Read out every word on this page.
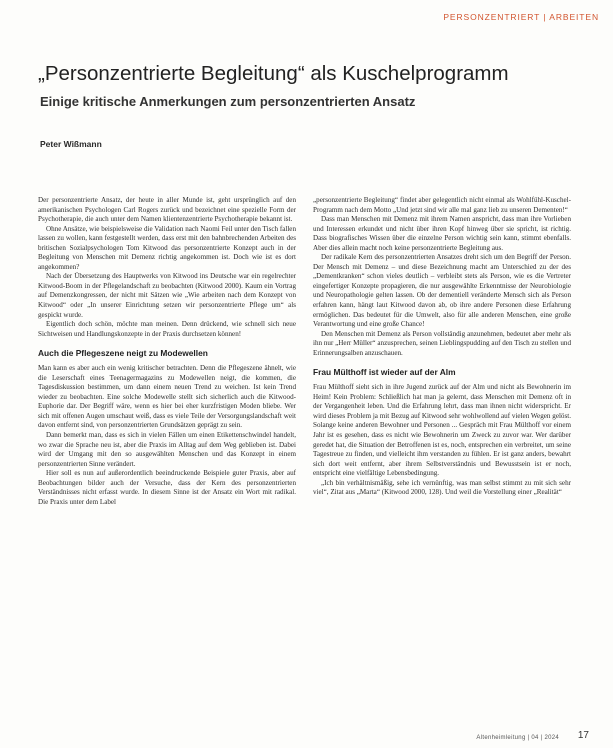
PERSONZENTRIERT | ARBEITEN
„Personzentrierte Begleitung“ als Kuschelprogramm
Einige kritische Anmerkungen zum personzentrierten Ansatz
Peter Wißmann

Der personzentrierte Ansatz, der heute in aller Munde ist, geht ursprünglich auf den amerikanischen Psychologen Carl Rogers zurück und bezeichnet eine spezielle Form der Psychotherapie, die auch unter dem Namen klientenzentrierte Psychotherapie bekannt ist.

Ohne Ansätze, wie beispielsweise die Validation nach Naomi Feil unter den Tisch fallen lassen zu wollen, kann festgestellt werden, dass erst mit den bahnbrechenden Arbeiten des britischen Sozialpsychologen Tom Kitwood das personzentrierte Konzept auch in der Begleitung von Menschen mit Demenz richtig angekommen ist. Doch wie ist es dort angekommen?

Nach der Übersetzung des Hauptwerks von Kitwood ins Deutsche war ein regelrechter Kitwood-Boom in der Pflegelandschaft zu beobachten (Kitwood 2000). Kaum ein Vortrag auf Demenzkongressen, der nicht mit Sätzen wie „Wie arbeiten nach dem Konzept von Kitwood“ oder „In unserer Einrichtung setzen wir personzentrierte Pflege um“ als gespickt wurde.

Eigentlich doch schön, möchte man meinen. Denn drückend, wie schnell sich neue Sichtweisen und Handlungskonzepte in der Praxis durchsetzen können!

Auch die Pflegeszene neigt zu Modewellen

Man kann es aber auch ein wenig kritischer betrachten. Denn die Pflegeszene ähnelt, wie die Leserschaft eines Teenagermagazins zu Modewellen neigt, die kommen, die Tagesdiskussion bestimmen, um dann einem neuen Trend zu weichen. Ist kein Trend wieder zu beobachten. Eine solche Modewelle stellt sich sicherlich auch die Kitwood-Euphorie dar. Der Begriff wäre, wenn es hier bei eher kurzfristigen Moden bliebe. Wer sich mit offenen Augen umschaut weiß, dass es viele Teile der Versorgungslandschaft weit davon entfernt sind, von personzentrierten Grundsätzen geprägt zu sein.

Dann bemerkt man, dass es sich in vielen Fällen um einen Etikettenschwindel handelt, wo zwar die Sprache neu ist, aber die Praxis im Alltag auf dem Weg geblieben ist. Dabei wird der Umgang mit den so ausgewählten Menschen und das Konzept in einem personzentrierten Sinne verändert.

Hier soll es nun auf außerordentlich beeindruckende Beispiele guter Praxis, aber auf Beobachtungen bilder auch der Versuche, dass der Kern des personzentrierten Verständnisses nicht erfasst wurde. In diesem Sinne ist der Ansatz ein Wort mit radikal. Die Praxis unter dem Label

„personzentrierte Begleitung“ findet aber gelegentlich nicht einmal als Wohlfühl-Kuschel-Programm nach dem Motto „Und jetzt sind wir alle mal ganz lieb zu unseren Dementen!“

Dass man Menschen mit Demenz mit ihrem Namen anspricht, dass man ihre Vorlieben und Interessen erkundet und nicht über ihren Kopf hinweg über sie spricht, ist richtig. Dass biografisches Wissen über die einzelne Person wichtig sein kann, stimmt ebenfalls. Aber dies allein macht noch keine personzentrierte Begleitung aus.

Der radikale Kern des personzentrierten Ansatzes dreht sich um den Begriff der Person. Der Mensch mit Demenz – und diese Bezeichnung macht am Unterschied zu der des „Dementkranken“ schon vieles deutlich – verbleibt stets als Person, wie es die Vertreter eingefertiger Konzepte propagieren, die nur ausgewählte Erkenntnisse der Neurobiologie und Neuropathologie gelten lassen. Ob der dementiell veränderte Mensch sich als Person erfahren kann, hängt laut Kitwood davon ab, ob ihre andere Personen diese Erfahrung ermöglichen. Das bedeutet für die Umwelt, also für alle anderen Menschen, eine große Verantwortung und eine große Chance!

Den Menschen mit Demenz als Person vollständig anzunehmen, bedeutet aber mehr als ihn nur „Herr Müller“ anzusprechen, seinen Lieblingspudding auf den Tisch zu stellen und Erinnerungsalben anzuschauen.

Frau Mülthoff ist wieder auf der Alm

Frau Mülthoff sieht sich in ihre Jugend zurück auf der Alm und nicht als Bewohnerin im Heim! Kein Problem: Schließlich hat man ja gelernt, dass Menschen mit Demenz oft in der Vergangenheit leben. Und die Erfahrung lehrt, dass man ihnen nicht widerspricht. Er wird dieses Problem ja mit Bezug auf Kitwood sehr wohlwollend auf vielen Wegen gelöst. Solange keine anderen Bewohner und Personen ... Gespräch mit Frau Mülthoff vor einem Jahr ist es gesehen, dass es nicht wie Bewohnerin um Zweck zu zuvor war. Wer darüber geredet hat, die Situation der Betroffenen ist es, noch, entsprechen ein verbreitet, um seine Tagestreue zu finden, und vielleicht ihm verstanden zu fühlen. Er ist ganz anders, bewahrt sich dort weit entfernt, aber ihrem Selbstverständnis und Bewusstsein ist er noch, entspricht eine vielfältige Lebensbedingung.

„Ich bin verhältnismäßig, sehe ich vernünftig, was man selbst stimmt zu mit sich sehr viel“, Zitat aus „Marta“ (Kitwood 2000, 128). Und weil die Vorstellung einer „Realität“

Altenheimleitung | 04 | 2024 17
